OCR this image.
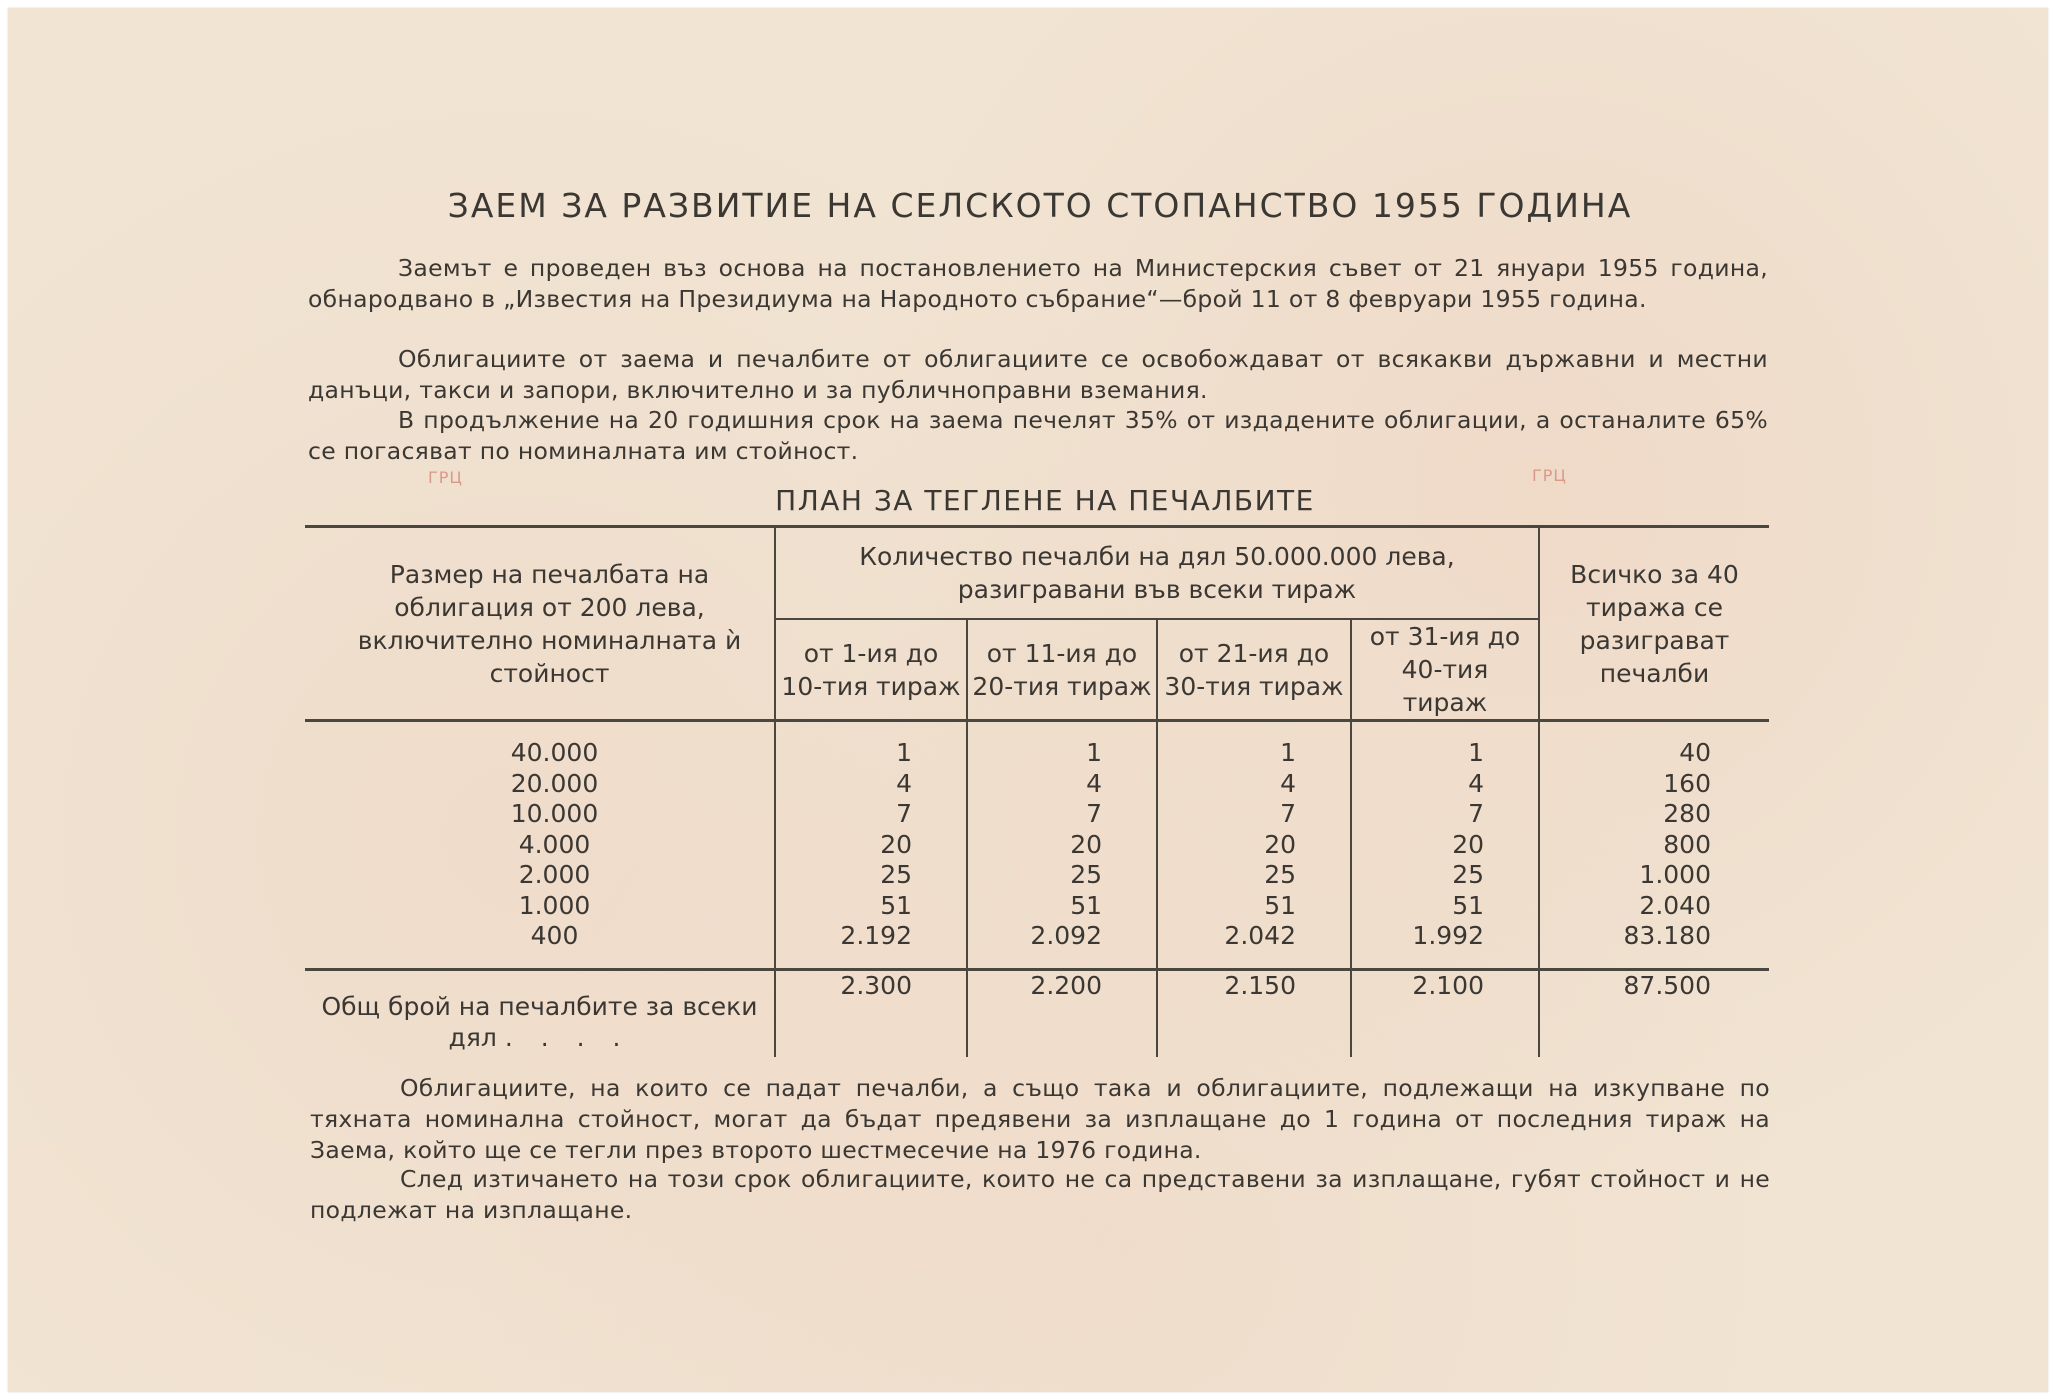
ЗАЕМ ЗА РАЗВИТИЕ НА СЕЛСКОТО СТОПАНСТВО 1955 ГОДИНА
Заемът е проведен въз основа на постановлението на Министерския съвет от 21 януари 1955 година, обнародвано в „Известия на Президиума на Народното събрание“—брой 11 от 8 февруари 1955 година.
Облигациите от заема и печалбите от облигациите се освобождават от всякакви държавни и местни данъци, такси и запори, включително и за публичноправни вземания.
В продължение на 20 годишния срок на заема печелят 35% от издадените облигации, а останалите 65% се погасяват по номиналната им стойност.
ГРЦ	ГРЦ
ПЛАН ЗА ТЕГЛЕНЕ НА ПЕЧАЛБИТЕ
Размер на печалбата на облигация от 200 лева, включително номиналната ѝ стойност	Количество печалби на дял 50.000.000 лева, разигравани във всеки тираж				Всичко за 40 тиража се разиграват печалби
	от 1-ия до 10-тия тираж	от 11-ия до 20-тия тираж	от 21-ия до 30-тия тираж	от 31-ия до 40-тия тираж	
40.000	1	1	1	1	40
20.000	4	4	4	4	160
10.000	7	7	7	7	280
4.000	20	20	20	20	800
2.000	25	25	25	25	1.000
1.000	51	51	51	51	2.040
400	2.192	2.092	2.042	1.992	83.180
Общ брой на печалбите за всеки дял . . . .	2.300	2.200	2.150	2.100	87.500
Облигациите, на които се падат печалби, а също така и облигациите, подлежащи на изкупване по тяхната номинална стойност, могат да бъдат предявени за изплащане до 1 година от последния тираж на Заема, който ще се тегли през второто шестмесечие на 1976 година.
След изтичането на този срок облигациите, които не са представени за изплащане, губят стойност и не подлежат на изплащане.
